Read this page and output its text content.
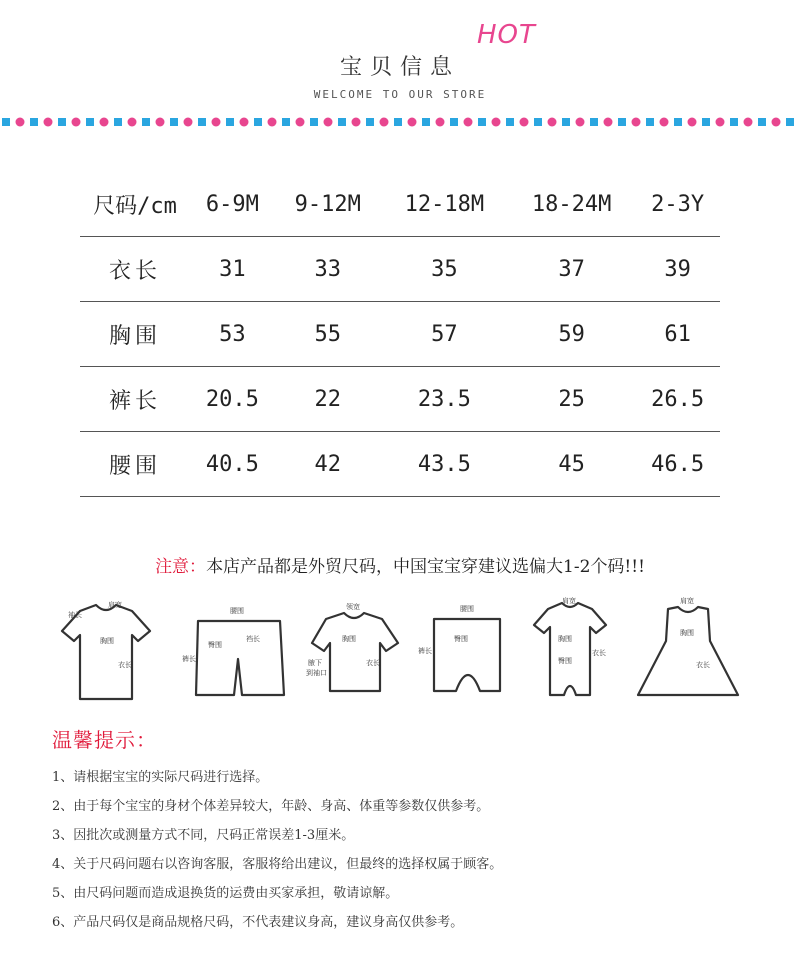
HOT
宝贝信息
WELCOME TO OUR STORE
尺码/cm	6-9M	9-12M	12-18M	18-24M	2-3Y
衣长	31	33	35	37	39
胸围	53	55	57	59	61
裤长	20.5	22	23.5	25	26.5
腰围	40.5	42	43.5	45	46.5
注意：本店产品都是外贸尺码，中国宝宝穿建议选偏大1-2个码!!!
肩宽
袖长
胸围
衣长
腰围
裤长
臀围
裆长
领宽
胸围
腋下
到袖口
衣长
腰围
裤长
臀围
肩宽
胸围
臀围
衣长
肩宽
胸围
衣长
温馨提示：
1、请根据宝宝的实际尺码进行选择。
2、由于每个宝宝的身材个体差异较大，年龄、身高、体重等参数仅供参考。
3、因批次或测量方式不同，尺码正常误差1-3厘米。
4、关于尺码问题右以咨询客服，客服将给出建议，但最终的选择权属于顾客。
5、由尺码问题而造成退换货的运费由买家承担，敬请谅解。
6、产品尺码仅是商品规格尺码，不代表建议身高，建议身高仅供参考。
